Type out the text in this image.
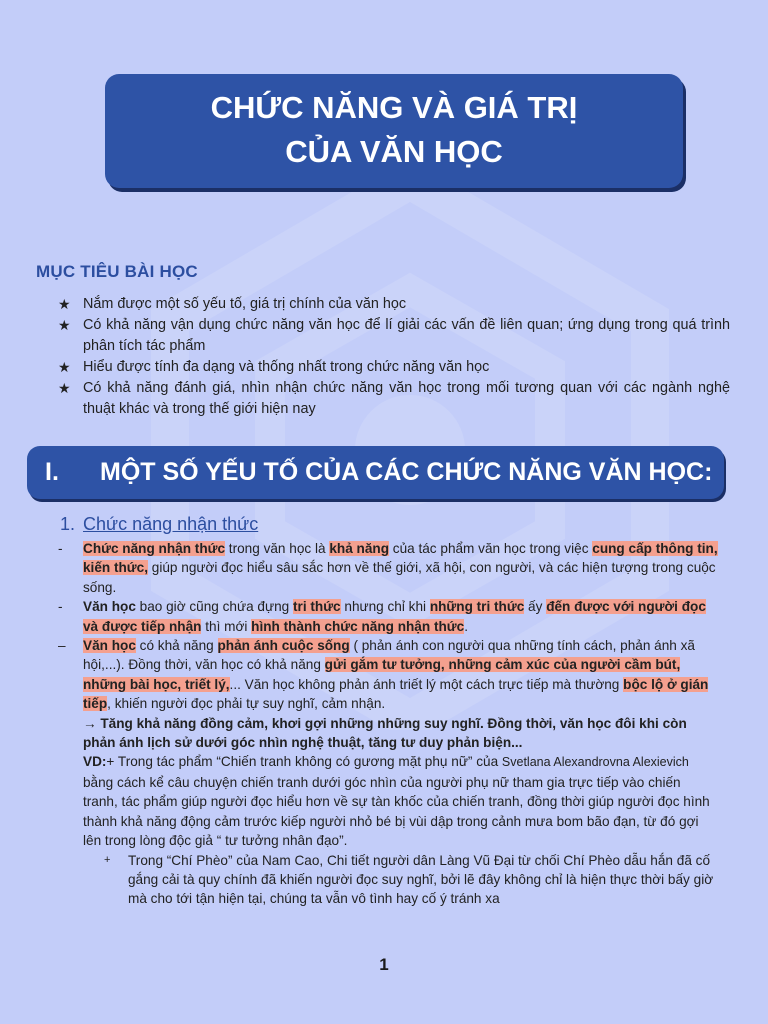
CHỨC NĂNG VÀ GIÁ TRỊ
CỦA VĂN HỌC
MỤC TIÊU BÀI HỌC
★ Nắm được một số yếu tố, giá trị chính của văn học
★ Có khả năng vận dụng chức năng văn học để lí giải các vấn đề liên quan; ứng dụng trong quá trình phân tích tác phẩm
★ Hiểu được tính đa dạng và thống nhất trong chức năng văn học
★ Có khả năng đánh giá, nhìn nhận chức năng văn học trong mối tương quan với các ngành nghệ thuật khác và trong thế giới hiện nay
I. MỘT SỐ YẾU TỐ CỦA CÁC CHỨC NĂNG VĂN HỌC:
1. Chức năng nhận thức
- Chức năng nhận thức trong văn học là khả năng của tác phẩm văn học trong việc cung cấp thông tin, kiến thức, giúp người đọc hiểu sâu sắc hơn về thế giới, xã hội, con người, và các hiện tượng trong cuộc sống.
- Văn học bao giờ cũng chứa đựng tri thức nhưng chỉ khi những tri thức ấy đến được với người đọc và được tiếp nhận thì mới hình thành chức năng nhận thức.
– Văn học có khả năng phản ánh cuộc sống ( phản ánh con người qua những tính cách, phản ánh xã hội,...). Đồng thời, văn học có khả năng gửi gắm tư tưởng, những cảm xúc của người cầm bút, những bài học, triết lý,... Văn học không phản ánh triết lý một cách trực tiếp mà thường bộc lộ ở gián tiếp, khiến người đọc phải tự suy nghĩ, cảm nhận.
→ Tăng khả năng đồng cảm, khơi gợi những những suy nghĩ. Đồng thời, văn học đôi khi còn phản ánh lịch sử dưới góc nhìn nghệ thuật, tăng tư duy phản biện...
VD:+ Trong tác phẩm “Chiến tranh không có gương mặt phụ nữ” của Svetlana Alexandrovna Alexievich
bằng cách kể câu chuyện chiến tranh dưới góc nhìn của người phụ nữ tham gia trực tiếp vào chiến tranh, tác phẩm giúp người đọc hiểu hơn về sự tàn khốc của chiến tranh, đồng thời giúp người đọc hình thành khả năng động cảm trước kiếp người nhỏ bé bị vùi dập trong cảnh mưa bom bão đạn, từ đó gợi lên trong lòng độc giả “ tư tưởng nhân đạo”.
+ Trong “Chí Phèo” của Nam Cao, Chi tiết người dân Làng Vũ Đại từ chối Chí Phèo dẫu hắn đã cố gắng cải tà quy chính đã khiến người đọc suy nghĩ, bởi lẽ đây không chỉ là hiện thực thời bấy giờ mà cho tới tận hiện tại, chúng ta vẫn vô tình hay cố ý tránh xa
1
